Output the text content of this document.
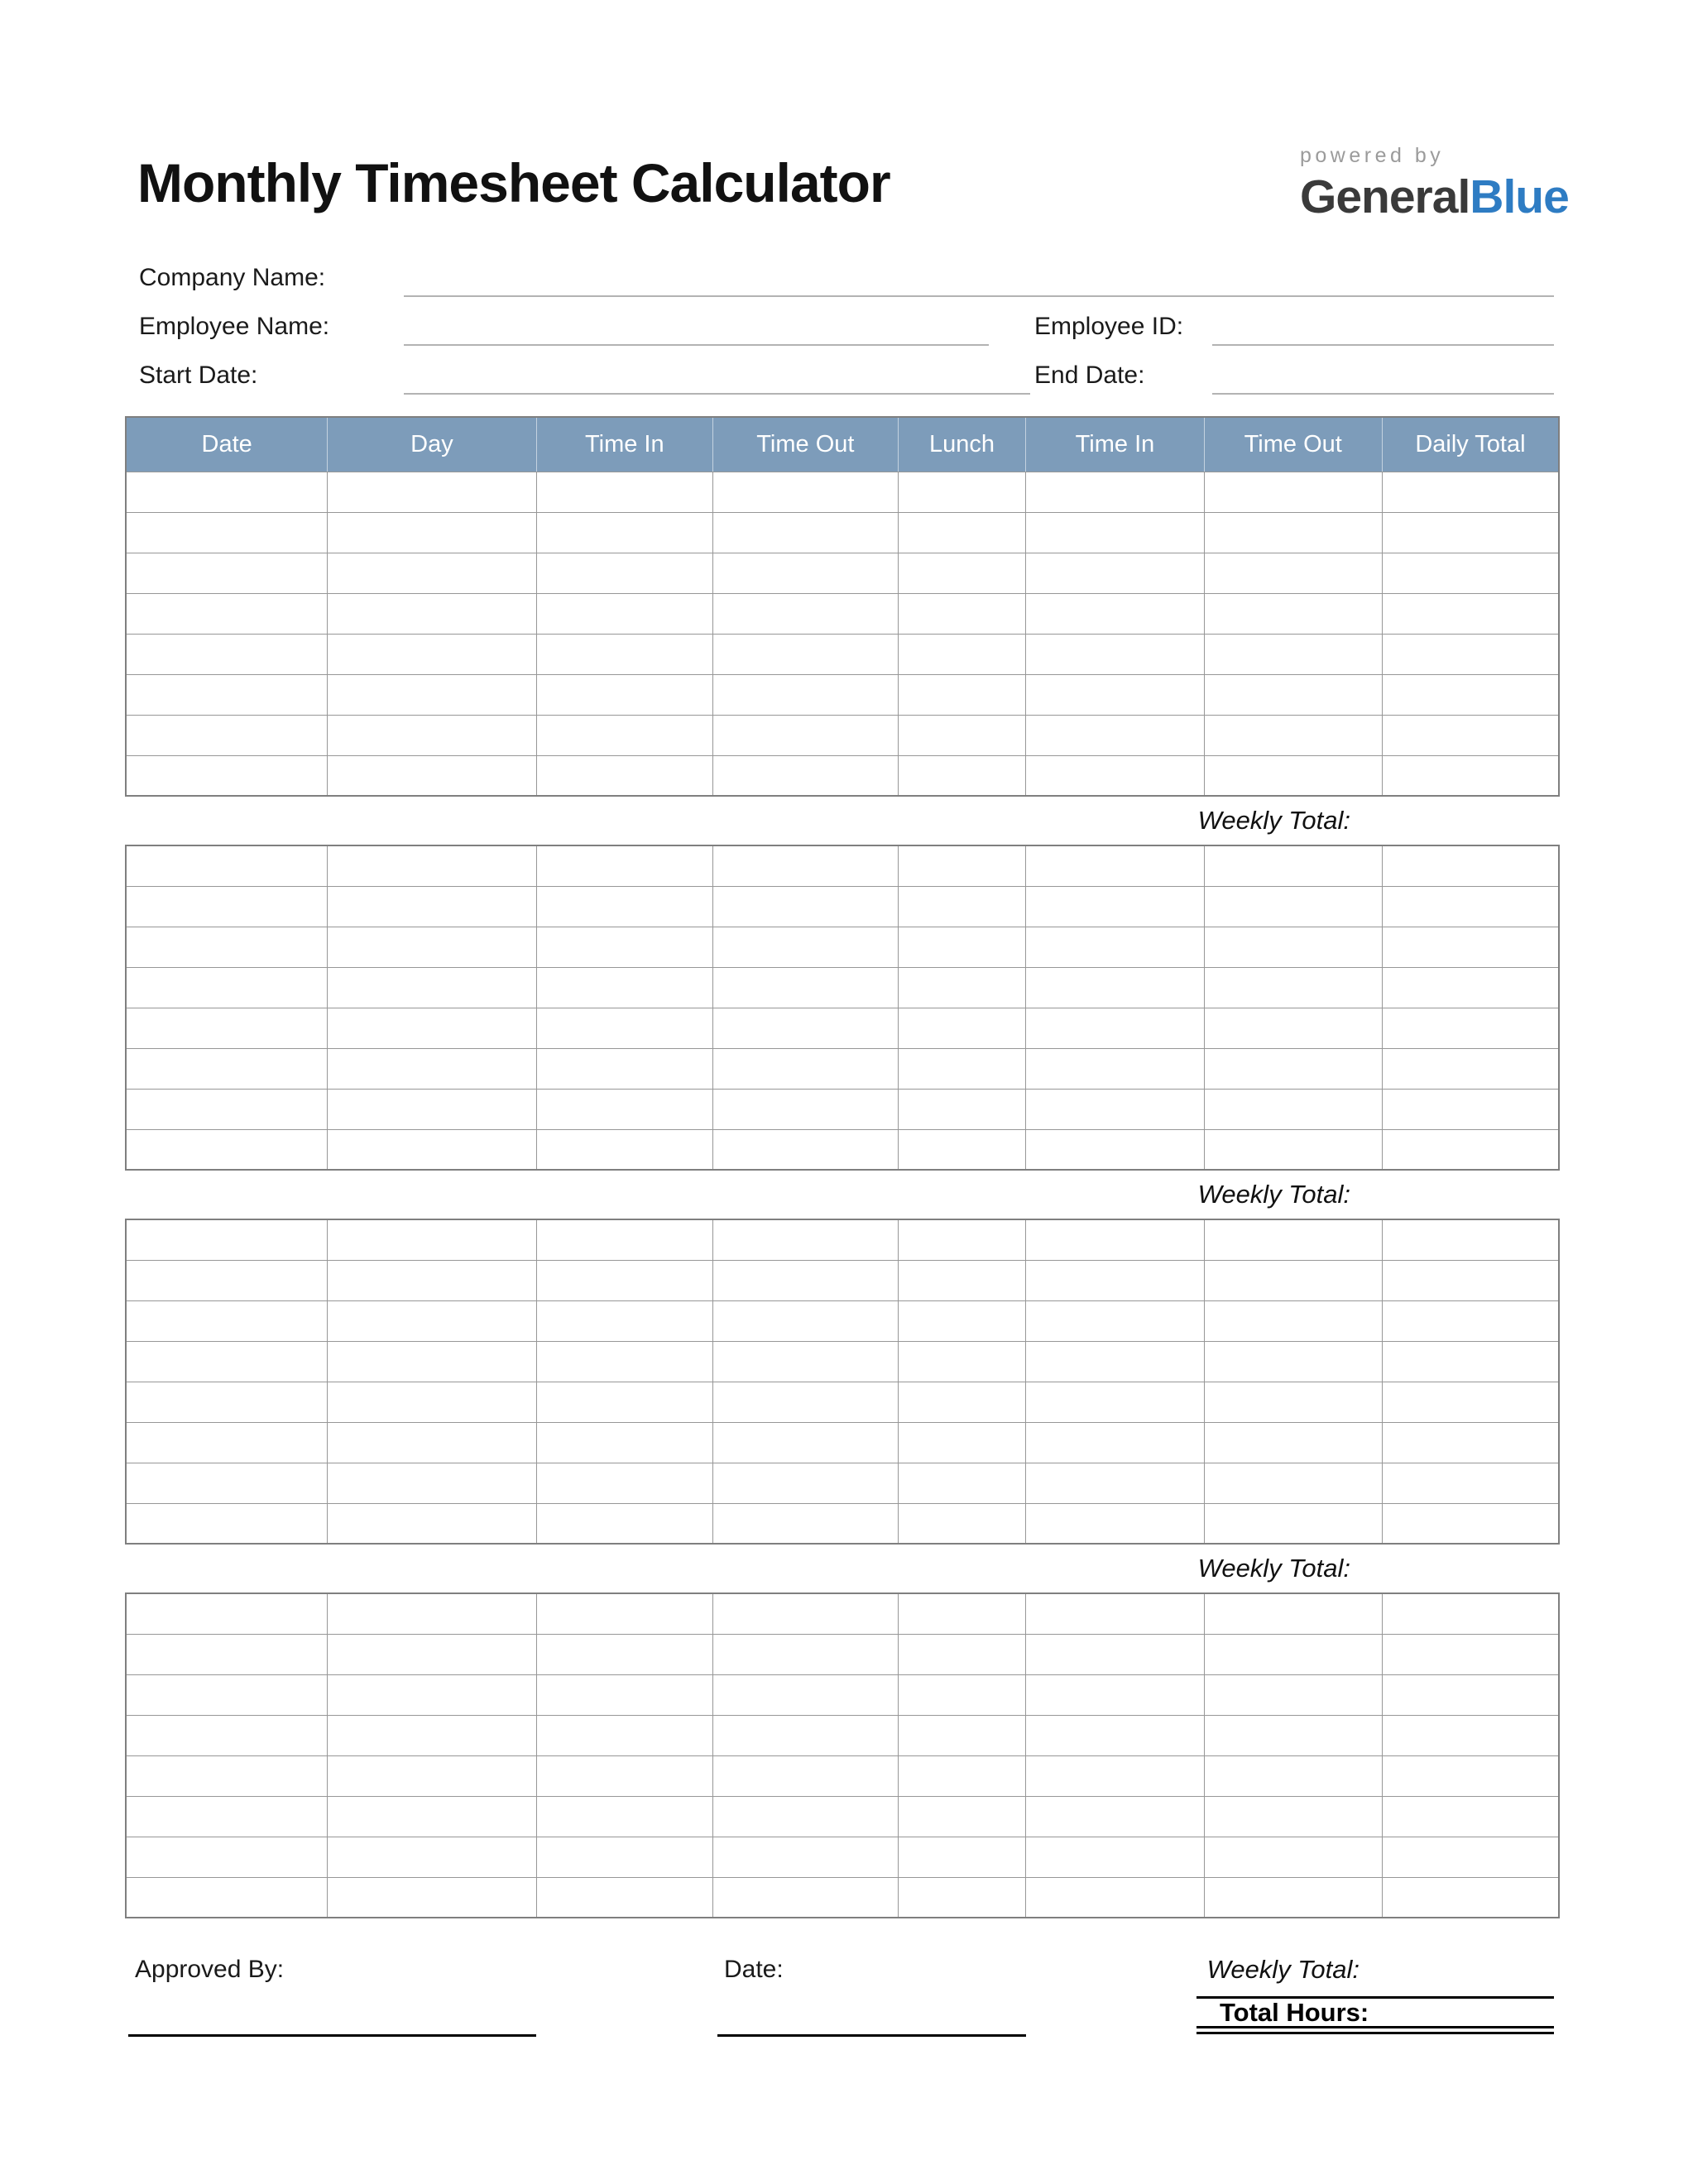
Monthly Timesheet Calculator	powered by
GeneralBlue
Company Name:
Employee Name:	Employee ID:
Start Date:	End Date:
Date	Day	Time In	Time Out	Lunch	Time In	Time Out	Daily Total

Weekly Total:

Weekly Total:

Weekly Total:

Approved By:	Date:	Weekly Total:
Total Hours:
